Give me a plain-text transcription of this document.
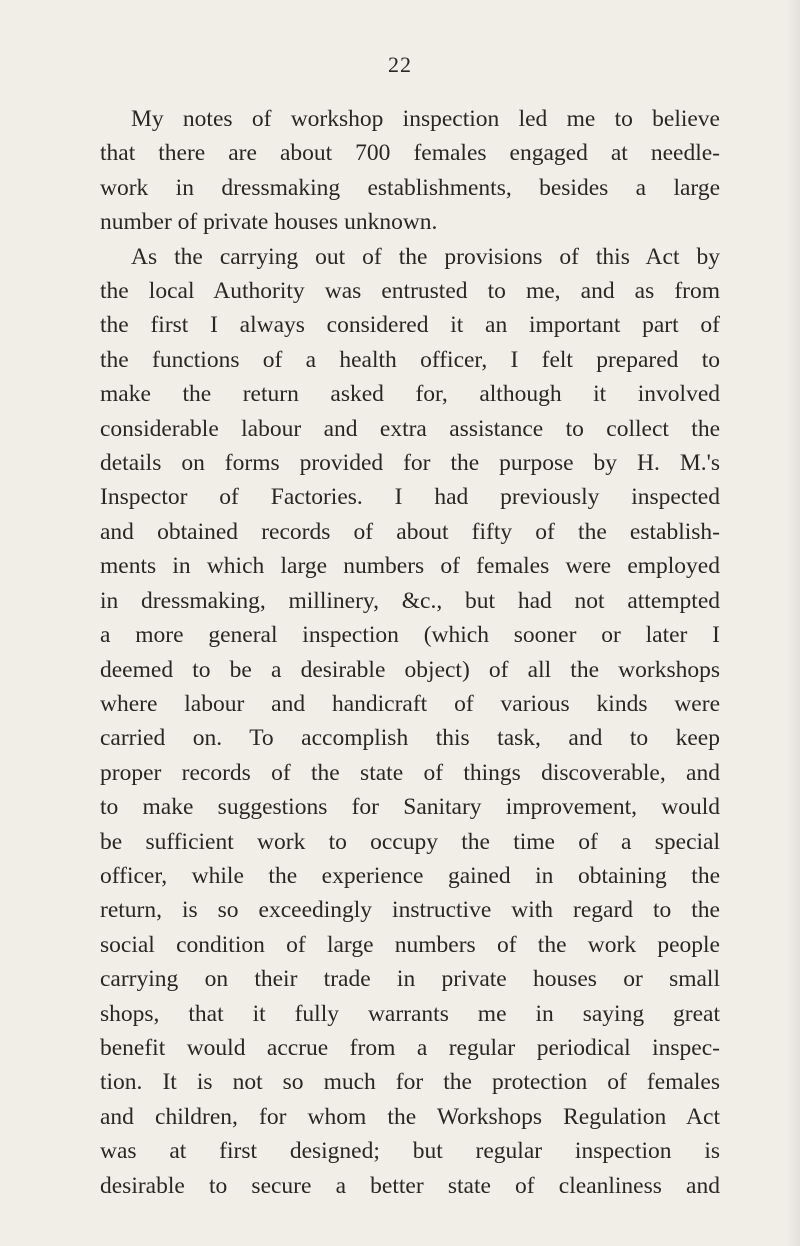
22
My notes of workshop inspection led me to believe
that there are about 700 females engaged at needle-
work in dressmaking establishments, besides a large
number of private houses unknown.
As the carrying out of the provisions of this Act by
the local Authority was entrusted to me, and as from
the first I always considered it an important part of
the functions of a health officer, I felt prepared to
make the return asked for, although it involved
considerable labour and extra assistance to collect the
details on forms provided for the purpose by H. M.'s
Inspector of Factories. I had previously inspected
and obtained records of about fifty of the establish-
ments in which large numbers of females were employed
in dressmaking, millinery, &c., but had not attempted
a more general inspection (which sooner or later I
deemed to be a desirable object) of all the workshops
where labour and handicraft of various kinds were
carried on. To accomplish this task, and to keep
proper records of the state of things discoverable, and
to make suggestions for Sanitary improvement, would
be sufficient work to occupy the time of a special
officer, while the experience gained in obtaining the
return, is so exceedingly instructive with regard to the
social condition of large numbers of the work people
carrying on their trade in private houses or small
shops, that it fully warrants me in saying great
benefit would accrue from a regular periodical inspec-
tion. It is not so much for the protection of females
and children, for whom the Workshops Regulation Act
was at first designed; but regular inspection is
desirable to secure a better state of cleanliness and
